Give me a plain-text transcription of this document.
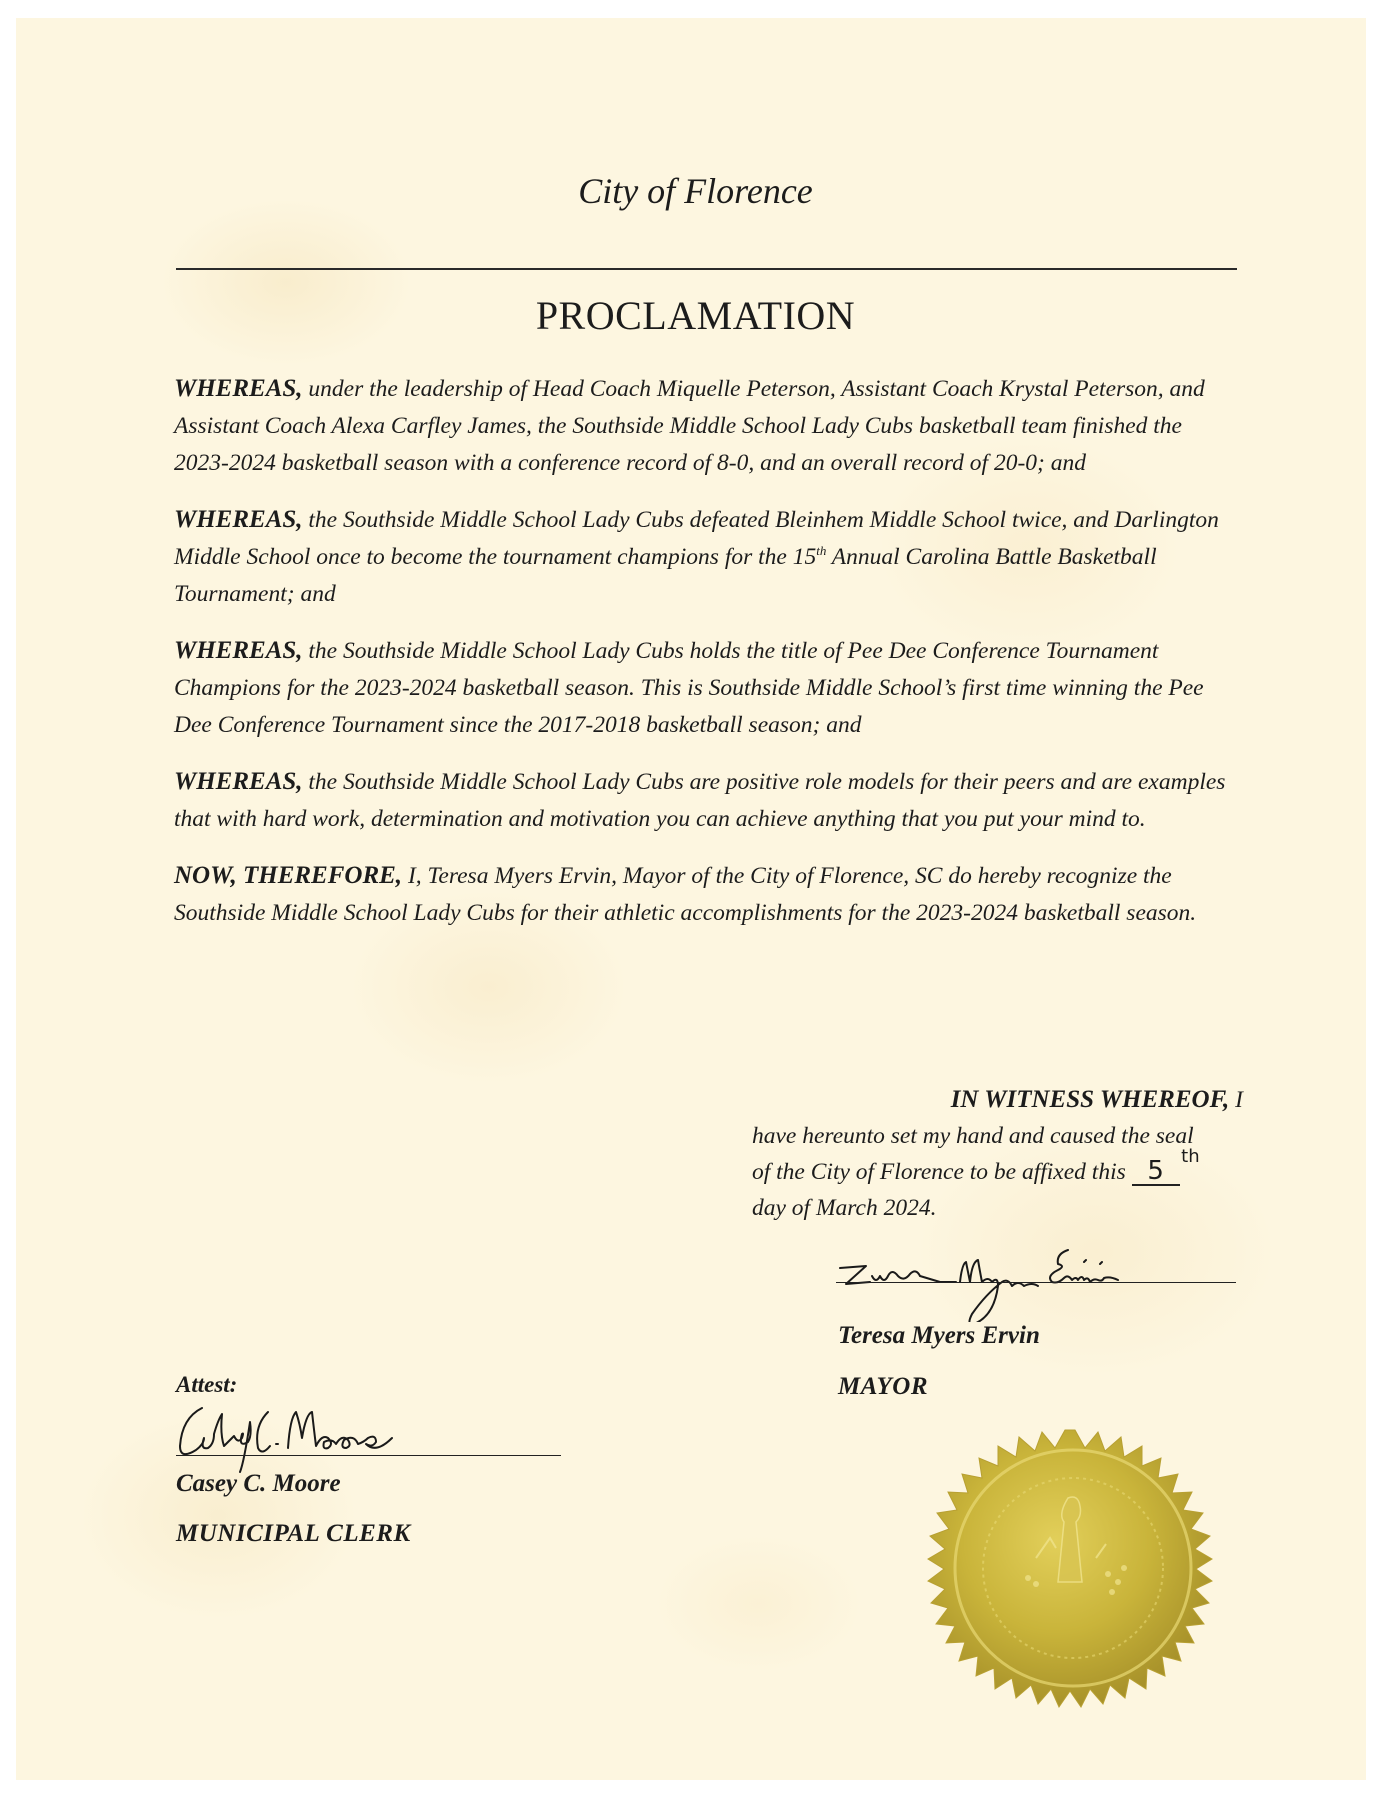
City of Florence
PROCLAMATION

WHEREAS, under the leadership of Head Coach Miquelle Peterson, Assistant Coach Krystal Peterson, and Assistant Coach Alexa Carfley James, the Southside Middle School Lady Cubs basketball team finished the 2023-2024 basketball season with a conference record of 8-0, and an overall record of 20-0; and

WHEREAS, the Southside Middle School Lady Cubs defeated Bleinhem Middle School twice, and Darlington Middle School once to become the tournament champions for the 15th Annual Carolina Battle Basketball Tournament; and

WHEREAS, the Southside Middle School Lady Cubs holds the title of Pee Dee Conference Tournament Champions for the 2023-2024 basketball season. This is Southside Middle School’s first time winning the Pee Dee Conference Tournament since the 2017-2018 basketball season; and

WHEREAS, the Southside Middle School Lady Cubs are positive role models for their peers and are examples that with hard work, determination and motivation you can achieve anything that you put your mind to.

NOW, THEREFORE, I, Teresa Myers Ervin, Mayor of the City of Florence, SC do hereby recognize the Southside Middle School Lady Cubs for their athletic accomplishments for the 2023-2024 basketball season.

IN WITNESS WHEREOF, I
have hereunto set my hand and caused the seal
of the City of Florence to be affixed this 5 th
day of March 2024.
Teresa Myers Ervin
MAYOR
Attest:
Casey C. Moore
MUNICIPAL CLERK
